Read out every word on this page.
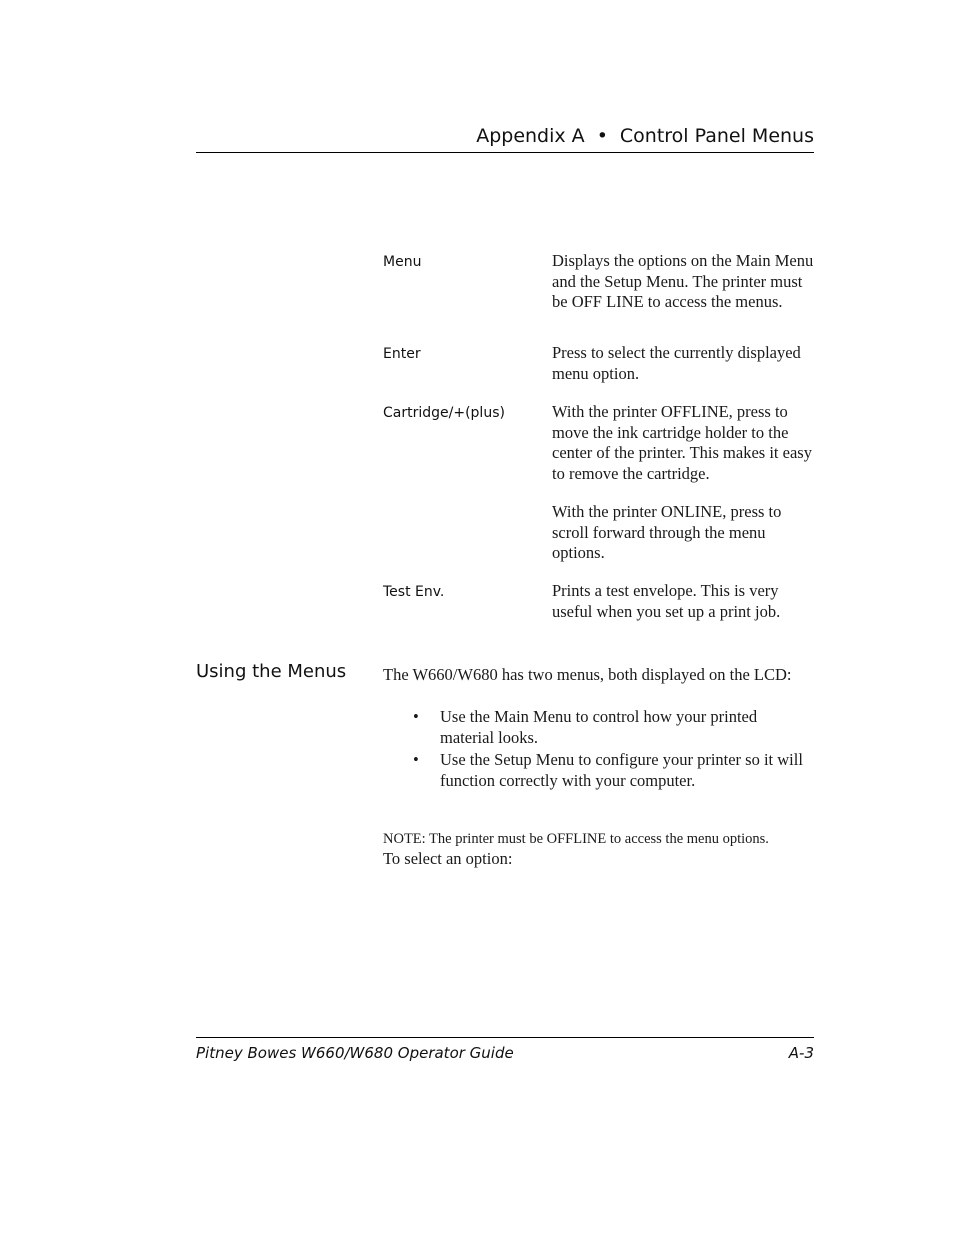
Appendix A • Control Panel Menus
Menu	Displays the options on the Main Menu and the Setup Menu. The printer must be OFF LINE to access the menus.

Enter	Press to select the currently displayed menu option.

Cartridge/+(plus)	With the printer OFFLINE, press to move the ink cartridge holder to the center of the printer. This makes it easy to remove the cartridge.

With the printer ONLINE, press to scroll forward through the menu options.

Test Env.	Prints a test envelope. This is very useful when you set up a print job.

Using the Menus The W660/W680 has two menus, both displayed on the LCD:
• Use the Main Menu to control how your printed material looks.
• Use the Setup Menu to configure your printer so it will function correctly with your computer.
NOTE: The printer must be OFFLINE to access the menu options.
To select an option:
Pitney Bowes W660/W680 Operator Guide	A-3
